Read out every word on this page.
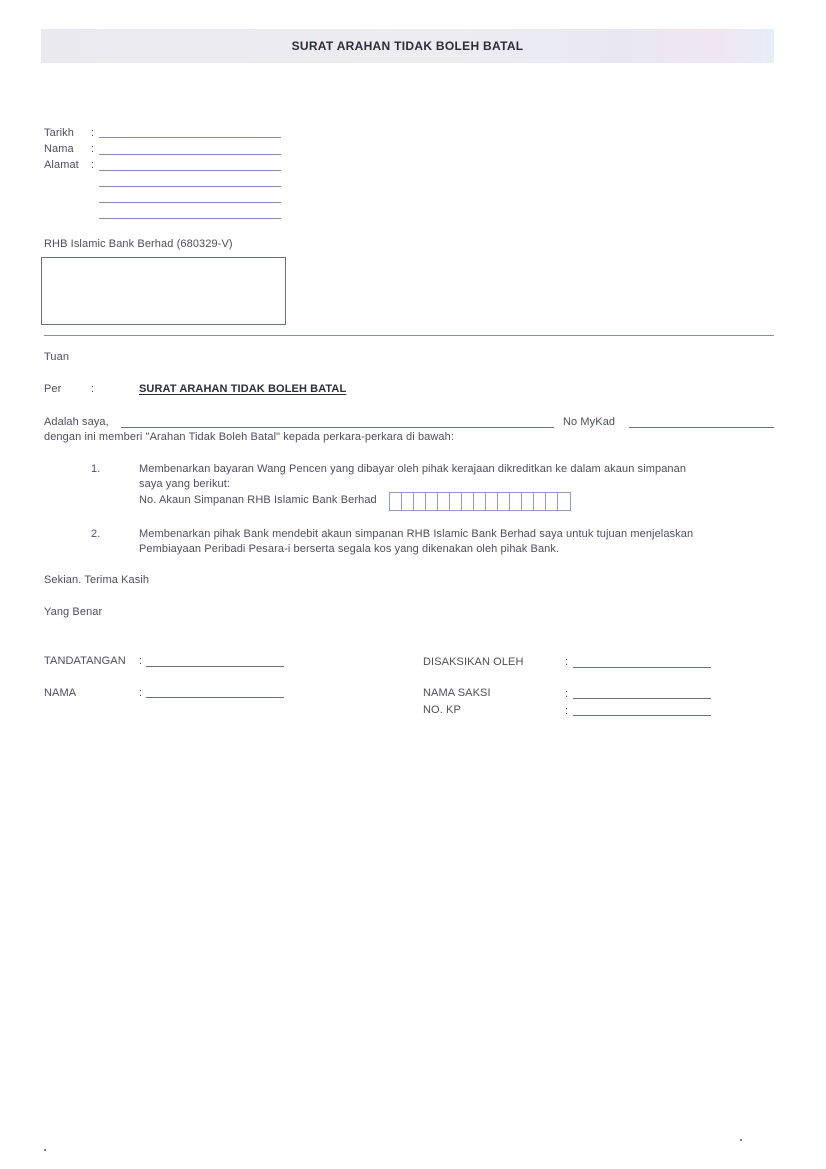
SURAT ARAHAN TIDAK BOLEH BATAL
Tarikh :
Nama :
Alamat :
RHB Islamic Bank Berhad (680329-V)
Tuan
Per	:	SURAT ARAHAN TIDAK BOLEH BATAL
Adalah saya,	No MyKad
dengan ini memberi "Arahan Tidak Boleh Batal" kepada perkara-perkara di bawah:
1.	Membenarkan bayaran Wang Pencen yang dibayar oleh pihak kerajaan dikreditkan ke dalam akaun simpanan
saya yang berikut:
No. Akaun Simpanan RHB Islamic Bank Berhad
2.	Membenarkan pihak Bank mendebit akaun simpanan RHB Islamic Bank Berhad saya untuk tujuan menjelaskan
Pembiayaan Peribadi Pesara-i berserta segala kos yang dikenakan oleh pihak Bank.
Sekian. Terima Kasih
Yang Benar
TANDATANGAN :
NAMA	:
DISAKSIKAN OLEH	:
NAMA SAKSI	:
NO. KP	:
